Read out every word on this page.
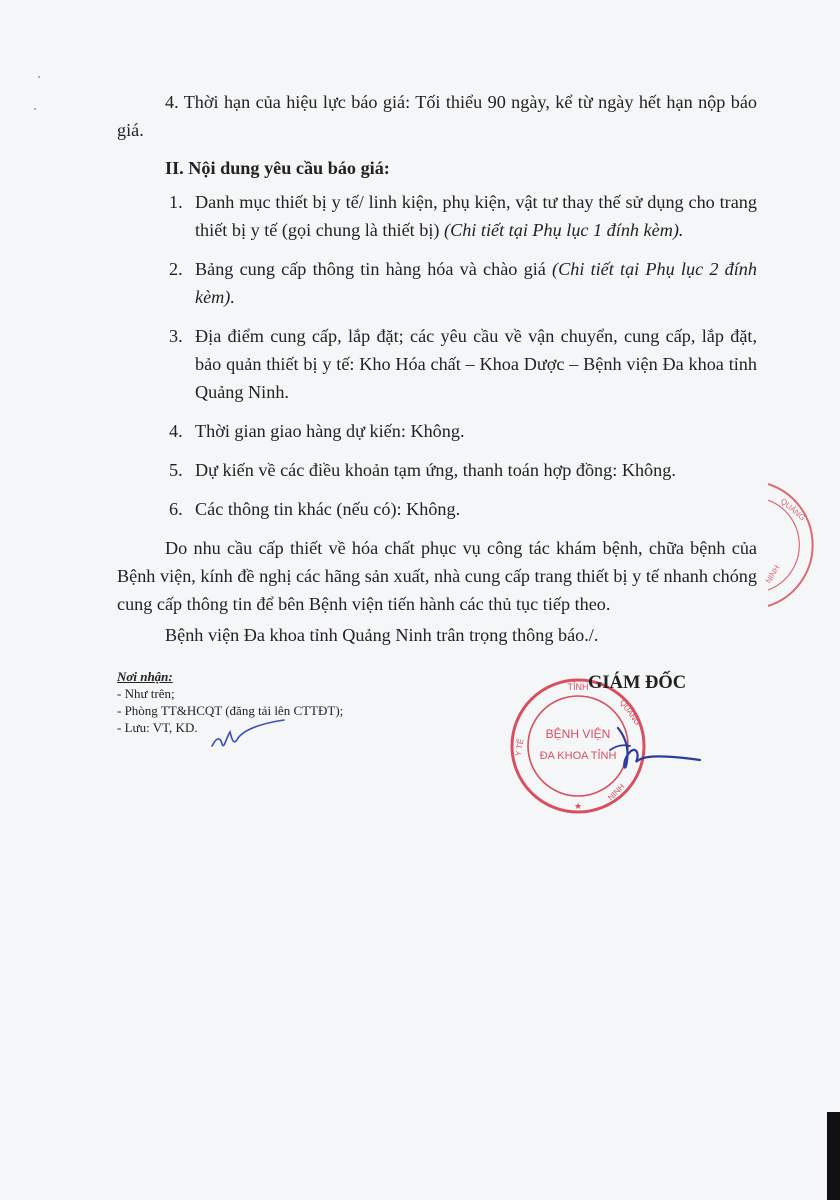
4. Thời hạn của hiệu lực báo giá: Tối thiểu 90 ngày, kể từ ngày hết hạn nộp báo giá.

II. Nội dung yêu cầu báo giá:

1. Danh mục thiết bị y tế/ linh kiện, phụ kiện, vật tư thay thế sử dụng cho trang thiết bị y tế (gọi chung là thiết bị) (Chi tiết tại Phụ lục 1 đính kèm).
2. Bảng cung cấp thông tin hàng hóa và chào giá (Chi tiết tại Phụ lục 2 đính kèm).
3. Địa điểm cung cấp, lắp đặt; các yêu cầu về vận chuyển, cung cấp, lắp đặt, bảo quản thiết bị y tế: Kho Hóa chất – Khoa Dược – Bệnh viện Đa khoa tỉnh Quảng Ninh.
4. Thời gian giao hàng dự kiến: Không.
5. Dự kiến về các điều khoản tạm ứng, thanh toán hợp đồng: Không.
6. Các thông tin khác (nếu có): Không.

Do nhu cầu cấp thiết về hóa chất phục vụ công tác khám bệnh, chữa bệnh của Bệnh viện, kính đề nghị các hãng sản xuất, nhà cung cấp trang thiết bị y tế nhanh chóng cung cấp thông tin để bên Bệnh viện tiến hành các thủ tục tiếp theo.

Bệnh viện Đa khoa tỉnh Quảng Ninh trân trọng thông báo./.

Nơi nhận:
- Như trên;
- Phòng TT&HCQT (đăng tải lên CTTĐT);
- Lưu: VT, KD.
TỈNH
BỆNH VIỆN
ĐA KHOA TỈNH
Y TẾ
QUẢNG
NINH
★
GIÁM ĐỐC
QUẢNG
NINH
